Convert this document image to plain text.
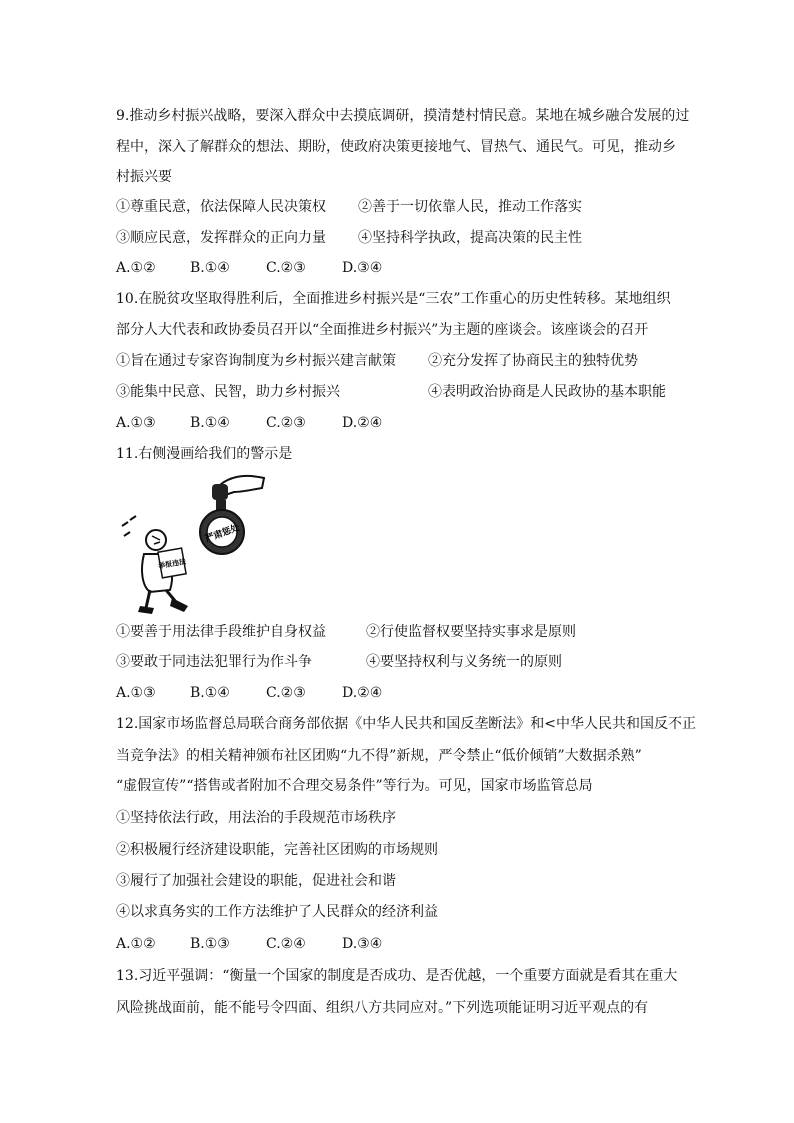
9.推动乡村振兴战略，要深入群众中去摸底调研，摸清楚村情民意。某地在城乡融合发展的过
程中，深入了解群众的想法、期盼，使政府决策更接地气、冒热气、通民气。可见，推动乡
村振兴要
①尊重民意，依法保障人民决策权 ②善于一切依靠人民，推动工作落实
③顺应民意，发挥群众的正向力量 ④坚持科学执政，提高决策的民主性
A.①② B.①④	C.②③	D.③④
10.在脱贫攻坚取得胜利后，全面推进乡村振兴是“三农”工作重心的历史性转移。某地组织
部分人大代表和政协委员召开以“全面推进乡村振兴”为主题的座谈会。该座谈会的召开
①旨在通过专家咨询制度为乡村振兴建言献策 ②充分发挥了协商民主的独特优势
③能集中民意、民智，助力乡村振兴	④表明政治协商是人民政协的基本职能
A.①③ B.①④	C.②③	D.②④
11.右侧漫画给我们的警示是
严肃惩处
举报违法
①要善于用法律手段维护自身权益	②行使监督权要坚持实事求是原则
③要敢于同违法犯罪行为作斗争	④要坚持权利与义务统一的原则
A.①③ B.①④	C.②③	D.②④
12.国家市场监督总局联合商务部依据《中华人民共和国反垄断法》和<中华人民共和国反不正
当竞争法》的相关精神颁布社区团购“九不得”新规，严令禁止“低价倾销”大数据杀熟”
“虚假宣传”“搭售或者附加不合理交易条件”等行为。可见，国家市场监管总局
①坚持依法行政，用法治的手段规范市场秩序
②积极履行经济建设职能，完善社区团购的市场规则
③履行了加强社会建设的职能，促进社会和谐
④以求真务实的工作方法维护了人民群众的经济利益
A.①② B.①③	C.②④	D.③④
13.习近平强调：“衡量一个国家的制度是否成功、是否优越，一个重要方面就是看其在重大
风险挑战面前，能不能号令四面、组织八方共同应对。”下列选项能证明习近平观点的有
